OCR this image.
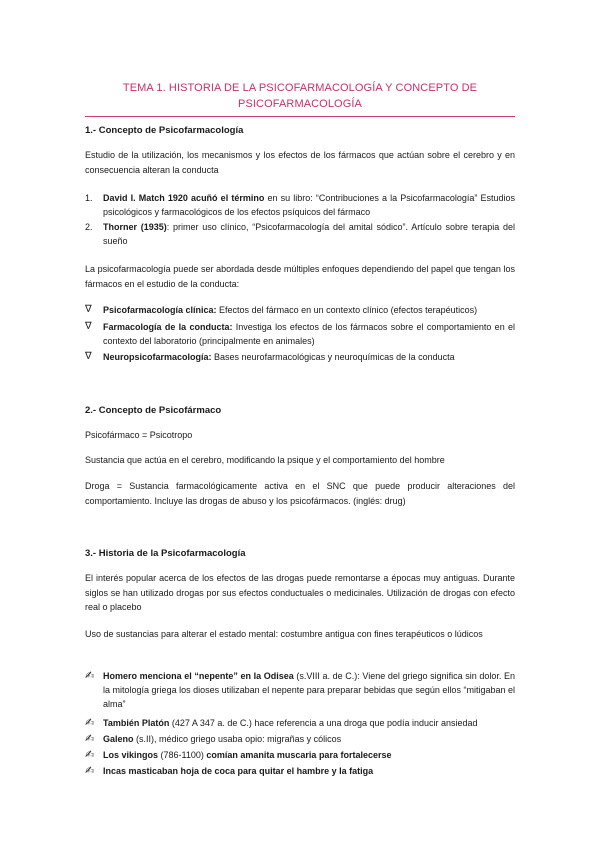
TEMA 1. HISTORIA DE LA PSICOFARMACOLOGÍA Y CONCEPTO DE
PSICOFARMACOLOGÍA
1.- Concepto de Psicofarmacología
Estudio de la utilización, los mecanismos y los efectos de los fármacos que actúan sobre el cerebro y en consecuencia alteran la conducta
1.	David I. Match 1920 acuñó el término en su libro: “Contribuciones a la Psicofarmacología” Estudios psicológicos y farmacológicos de los efectos psíquicos del fármaco
2.	Thorner (1935): primer uso clínico, “Psicofarmacología del amital sódico”. Artículo sobre terapia del sueño
La psicofarmacología puede ser abordada desde múltiples enfoques dependiendo del papel que tengan los fármacos en el estudio de la conducta:
∇	Psicofarmacología clínica: Efectos del fármaco en un contexto clínico (efectos terapéuticos)
∇	Farmacología de la conducta: Investiga los efectos de los fármacos sobre el comportamiento en el contexto del laboratorio (principalmente en animales)
∇	Neuropsicofarmacología: Bases neurofarmacológicas y neuroquímicas de la conducta
2.- Concepto de Psicofármaco
Psicofármaco = Psicotropo
Sustancia que actúa en el cerebro, modificando la psique y el comportamiento del hombre
Droga = Sustancia farmacológicamente activa en el SNC que puede producir alteraciones del comportamiento. Incluye las drogas de abuso y los psicofármacos. (inglés: drug)
3.- Historia de la Psicofarmacología
El interés popular acerca de los efectos de las drogas puede remontarse a épocas muy antiguas. Durante siglos se han utilizado drogas por sus efectos conductuales o medicinales. Utilización de drogas con efecto real o placebo
Uso de sustancias para alterar el estado mental: costumbre antigua con fines terapéuticos o lúdicos
✍ Homero menciona el “nepente” en la Odisea (s.VIII a. de C.): Viene del griego significa sin dolor. En la mitología griega los dioses utilizaban el nepente para preparar bebidas que según ellos “mitigaban el alma”
✍ También Platón (427 A 347 a. de C.) hace referencia a una droga que podía inducir ansiedad
✍ Galeno (s.II), médico griego usaba opio: migrañas y cólicos
✍ Los vikingos (786-1100) comían amanita muscaria para fortalecerse
✍ Incas masticaban hoja de coca para quitar el hambre y la fatiga
